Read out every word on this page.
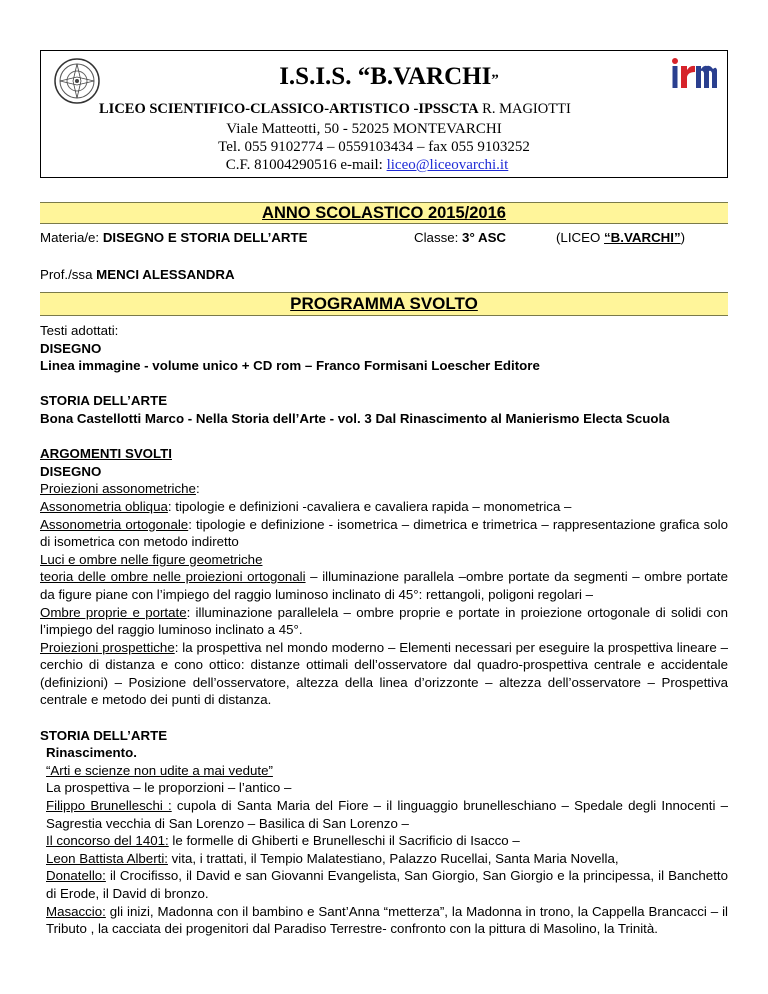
I.S.I.S. “B.VARCHI”
LICEO SCIENTIFICO-CLASSICO-ARTISTICO -IPSSCTA R. MAGIOTTI
Viale Matteotti, 50 - 52025 MONTEVARCHI
Tel. 055 9102774 – 0559103434 – fax 055 9103252
C.F. 81004290516 e-mail: liceo@liceovarchi.it
ANNO SCOLASTICO 2015/2016
Materia/e: DISEGNO E STORIA DELL’ARTE	Classe: 3° ASC	(LICEO “B.VARCHI”)
Prof./ssa MENCI ALESSANDRA
PROGRAMMA SVOLTO

Testi adottati:

DISEGNO

Linea immagine - volume unico + CD rom – Franco Formisani Loescher Editore

STORIA DELL’ARTE

Bona Castellotti Marco - Nella Storia dell’Arte - vol. 3 Dal Rinascimento al Manierismo Electa Scuola

ARGOMENTI SVOLTI

DISEGNO

Proiezioni assonometriche:

Assonometria obliqua: tipologie e definizioni -cavaliera e cavaliera rapida – monometrica –

Assonometria ortogonale: tipologie e definizione - isometrica – dimetrica e trimetrica – rappresentazione grafica solo di isometrica con metodo indiretto

Luci e ombre nelle figure geometriche

teoria delle ombre nelle proiezioni ortogonali – illuminazione parallela –ombre portate da segmenti – ombre portate da figure piane con l’impiego del raggio luminoso inclinato di 45°: rettangoli, poligoni regolari –

Ombre proprie e portate: illuminazione parallelela – ombre proprie e portate in proiezione ortogonale di solidi con l’impiego del raggio luminoso inclinato a 45°.

Proiezioni prospettiche: la prospettiva nel mondo moderno – Elementi necessari per eseguire la prospettiva lineare – cerchio di distanza e cono ottico: distanze ottimali dell’osservatore dal quadro-prospettiva centrale e accidentale (definizioni) – Posizione dell’osservatore, altezza della linea d’orizzonte – altezza dell’osservatore – Prospettiva centrale e metodo dei punti di distanza.

STORIA DELL’ARTE

Rinascimento.

“Arti e scienze non udite a mai vedute”

La prospettiva – le proporzioni – l’antico –

Filippo Brunelleschi : cupola di Santa Maria del Fiore – il linguaggio brunelleschiano – Spedale degli Innocenti – Sagrestia vecchia di San Lorenzo – Basilica di San Lorenzo –

Il concorso del 1401: le formelle di Ghiberti e Brunelleschi il Sacrificio di Isacco –

Leon Battista Alberti: vita, i trattati, il Tempio Malatestiano, Palazzo Rucellai, Santa Maria Novella,

Donatello: il Crocifisso, il David e san Giovanni Evangelista, San Giorgio, San Giorgio e la principessa, il Banchetto di Erode, il David di bronzo.

Masaccio: gli inizi, Madonna con il bambino e Sant’Anna “metterza”, la Madonna in trono, la Cappella Brancacci – il Tributo , la cacciata dei progenitori dal Paradiso Terrestre- confronto con la pittura di Masolino, la Trinità.
